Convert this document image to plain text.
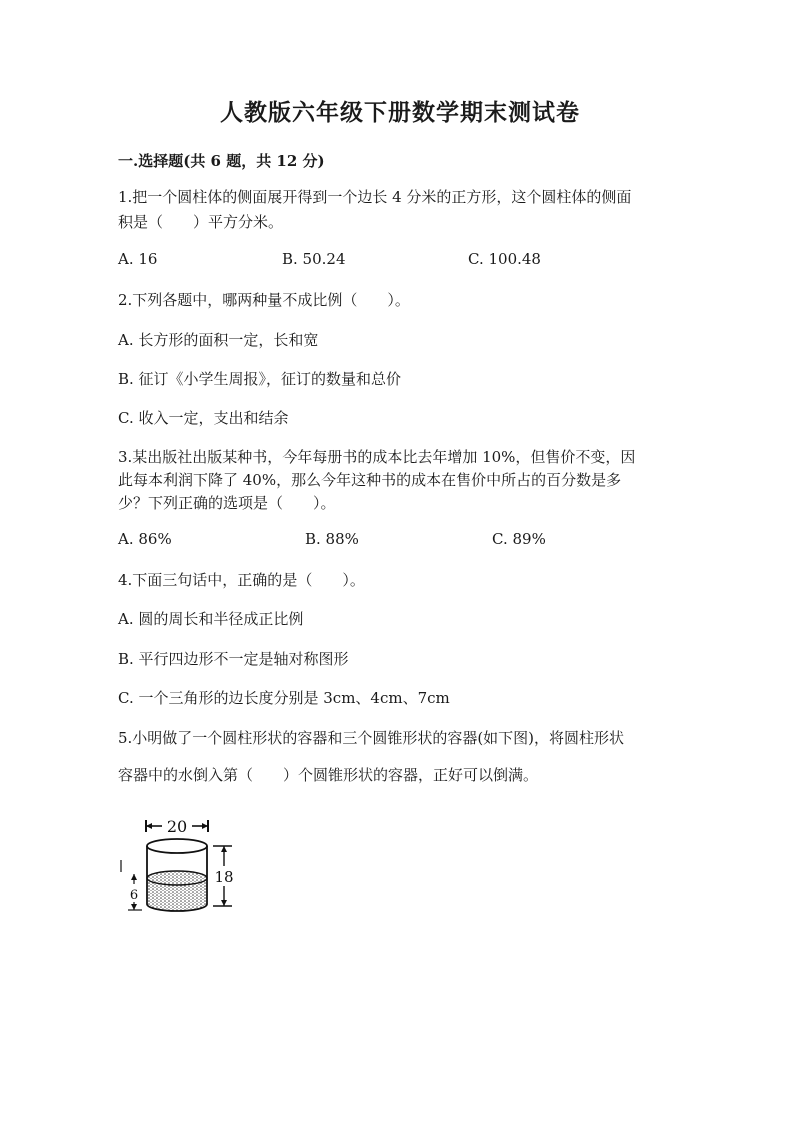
人教版六年级下册数学期末测试卷
一.选择题(共 6 题，共 12 分)
1.把一个圆柱体的侧面展开得到一个边长 4 分米的正方形，这个圆柱体的侧面
积是（　　）平方分米。
A. 16	B. 50.24	C. 100.48
2.下列各题中，哪两种量不成比例（　　）。
A. 长方形的面积一定，长和宽
B. 征订《小学生周报》，征订的数量和总价
C. 收入一定，支出和结余
3.某出版社出版某种书，今年每册书的成本比去年增加 10%，但售价不变，因
此每本利润下降了 40%，那么今年这种书的成本在售价中所占的百分数是多
少？下列正确的选项是（　　）。
A. 86%	B. 88%	C. 89%
4.下面三句话中，正确的是（　　）。
A. 圆的周长和半径成正比例
B. 平行四边形不一定是轴对称图形
C. 一个三角形的边长度分别是 3cm、4cm、7cm
5.小明做了一个圆柱形状的容器和三个圆锥形状的容器(如下图)，将圆柱形状
容器中的水倒入第（　　）个圆锥形状的容器，正好可以倒满。
20
18
6
